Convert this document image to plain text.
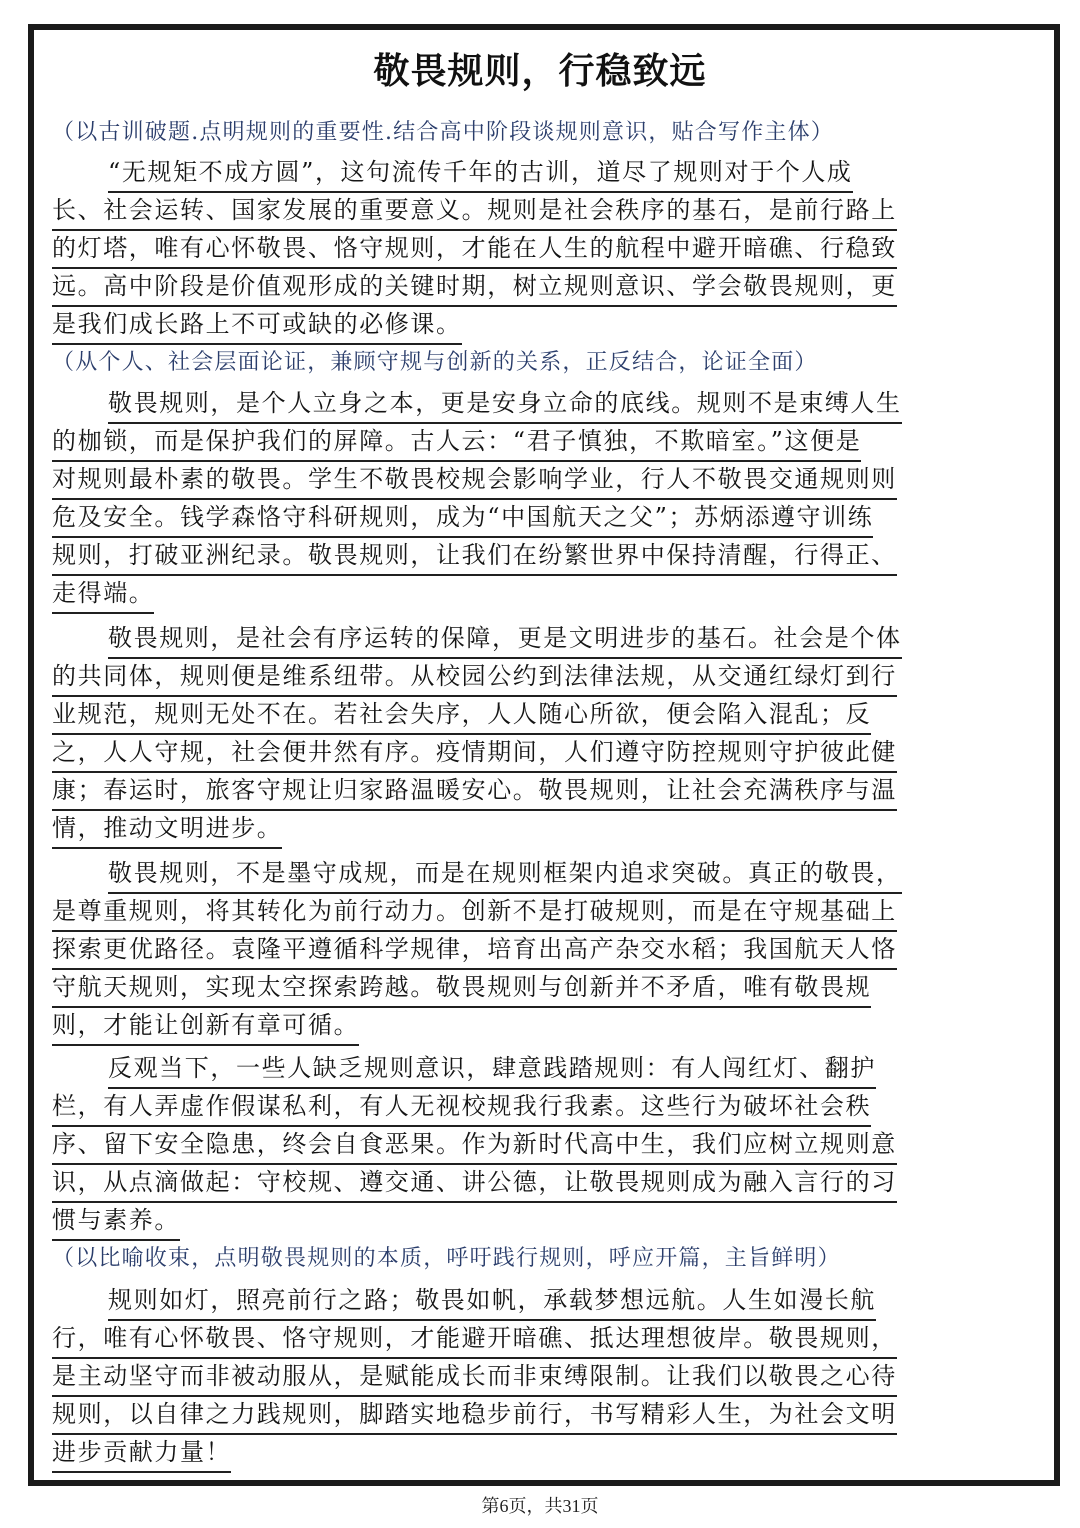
敬畏规则，行稳致远
（以古训破题.点明规则的重要性.结合高中阶段谈规则意识，贴合写作主体）
“无规矩不成方圆”，这句流传千年的古训，道尽了规则对于个人成
长、社会运转、国家发展的重要意义。规则是社会秩序的基石，是前行路上
的灯塔，唯有心怀敬畏、恪守规则，才能在人生的航程中避开暗礁、行稳致
远。高中阶段是价值观形成的关键时期，树立规则意识、学会敬畏规则，更
是我们成长路上不可或缺的必修课。
（从个人、社会层面论证，兼顾守规与创新的关系，正反结合，论证全面）
敬畏规则，是个人立身之本，更是安身立命的底线。规则不是束缚人生
的枷锁，而是保护我们的屏障。古人云：“君子慎独，不欺暗室。”这便是
对规则最朴素的敬畏。学生不敬畏校规会影响学业，行人不敬畏交通规则则
危及安全。钱学森恪守科研规则，成为“中国航天之父”；苏炳添遵守训练
规则，打破亚洲纪录。敬畏规则，让我们在纷繁世界中保持清醒，行得正、
走得端。
敬畏规则，是社会有序运转的保障，更是文明进步的基石。社会是个体
的共同体，规则便是维系纽带。从校园公约到法律法规，从交通红绿灯到行
业规范，规则无处不在。若社会失序，人人随心所欲，便会陷入混乱；反
之，人人守规，社会便井然有序。疫情期间，人们遵守防控规则守护彼此健
康；春运时，旅客守规让归家路温暖安心。敬畏规则，让社会充满秩序与温
情，推动文明进步。
敬畏规则，不是墨守成规，而是在规则框架内追求突破。真正的敬畏，
是尊重规则，将其转化为前行动力。创新不是打破规则，而是在守规基础上
探索更优路径。袁隆平遵循科学规律，培育出高产杂交水稻；我国航天人恪
守航天规则，实现太空探索跨越。敬畏规则与创新并不矛盾，唯有敬畏规
则，才能让创新有章可循。
反观当下，一些人缺乏规则意识，肆意践踏规则：有人闯红灯、翻护
栏，有人弄虚作假谋私利，有人无视校规我行我素。这些行为破坏社会秩
序、留下安全隐患，终会自食恶果。作为新时代高中生，我们应树立规则意
识，从点滴做起：守校规、遵交通、讲公德，让敬畏规则成为融入言行的习
惯与素养。
（以比喻收束，点明敬畏规则的本质，呼吁践行规则，呼应开篇，主旨鲜明）
规则如灯，照亮前行之路；敬畏如帆，承载梦想远航。人生如漫长航
行，唯有心怀敬畏、恪守规则，才能避开暗礁、抵达理想彼岸。敬畏规则，
是主动坚守而非被动服从，是赋能成长而非束缚限制。让我们以敬畏之心待
规则，以自律之力践规则，脚踏实地稳步前行，书写精彩人生，为社会文明
进步贡献力量！
第6页，共31页
